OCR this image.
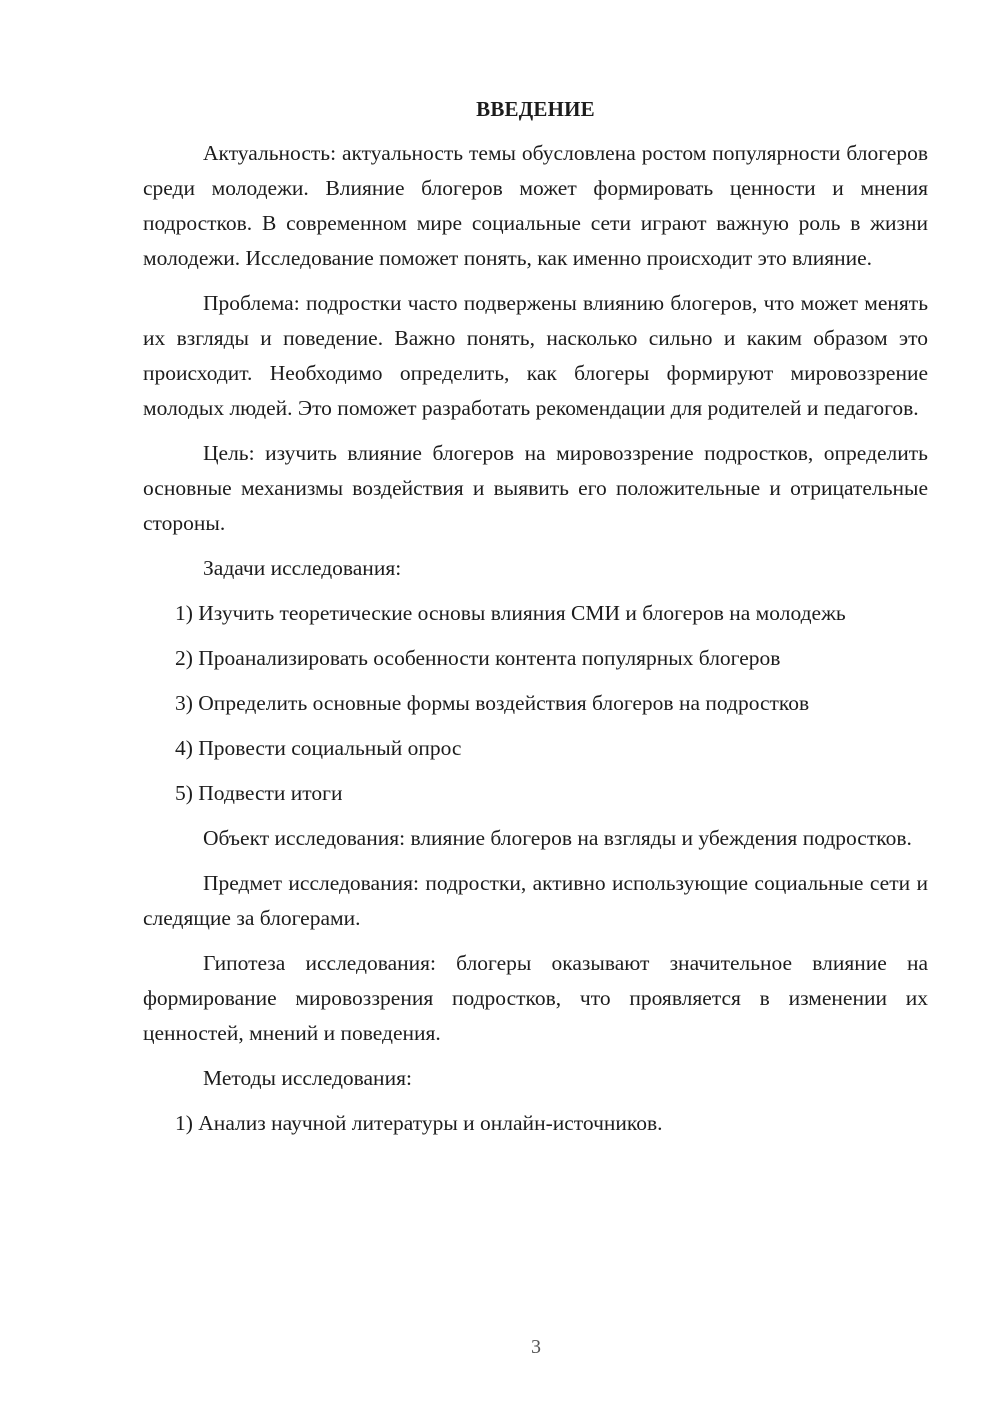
ВВЕДЕНИЕ

Актуальность: актуальность темы обусловлена ростом популярности блогеров среди молодежи. Влияние блогеров может формировать ценности и мнения подростков. В современном мире социальные сети играют важную роль в жизни молодежи. Исследование поможет понять, как именно происходит это влияние.

Проблема: подростки часто подвержены влиянию блогеров, что может менять их взгляды и поведение. Важно понять, насколько сильно и каким образом это происходит. Необходимо определить, как блогеры формируют мировоззрение молодых людей. Это поможет разработать рекомендации для родителей и педагогов.

Цель: изучить влияние блогеров на мировоззрение подростков, определить основные механизмы воздействия и выявить его положительные и отрицательные стороны.

Задачи исследования:

1) Изучить теоретические основы влияния СМИ и блогеров на молодежь

2) Проанализировать особенности контента популярных блогеров

3) Определить основные формы воздействия блогеров на подростков

4) Провести социальный опрос

5) Подвести итоги

Объект исследования: влияние блогеров на взгляды и убеждения подростков.

Предмет исследования: подростки, активно использующие социальные сети и следящие за блогерами.

Гипотеза исследования: блогеры оказывают значительное влияние на формирование мировоззрения подростков, что проявляется в изменении их ценностей, мнений и поведения.

Методы исследования:

1) Анализ научной литературы и онлайн-источников.

3
